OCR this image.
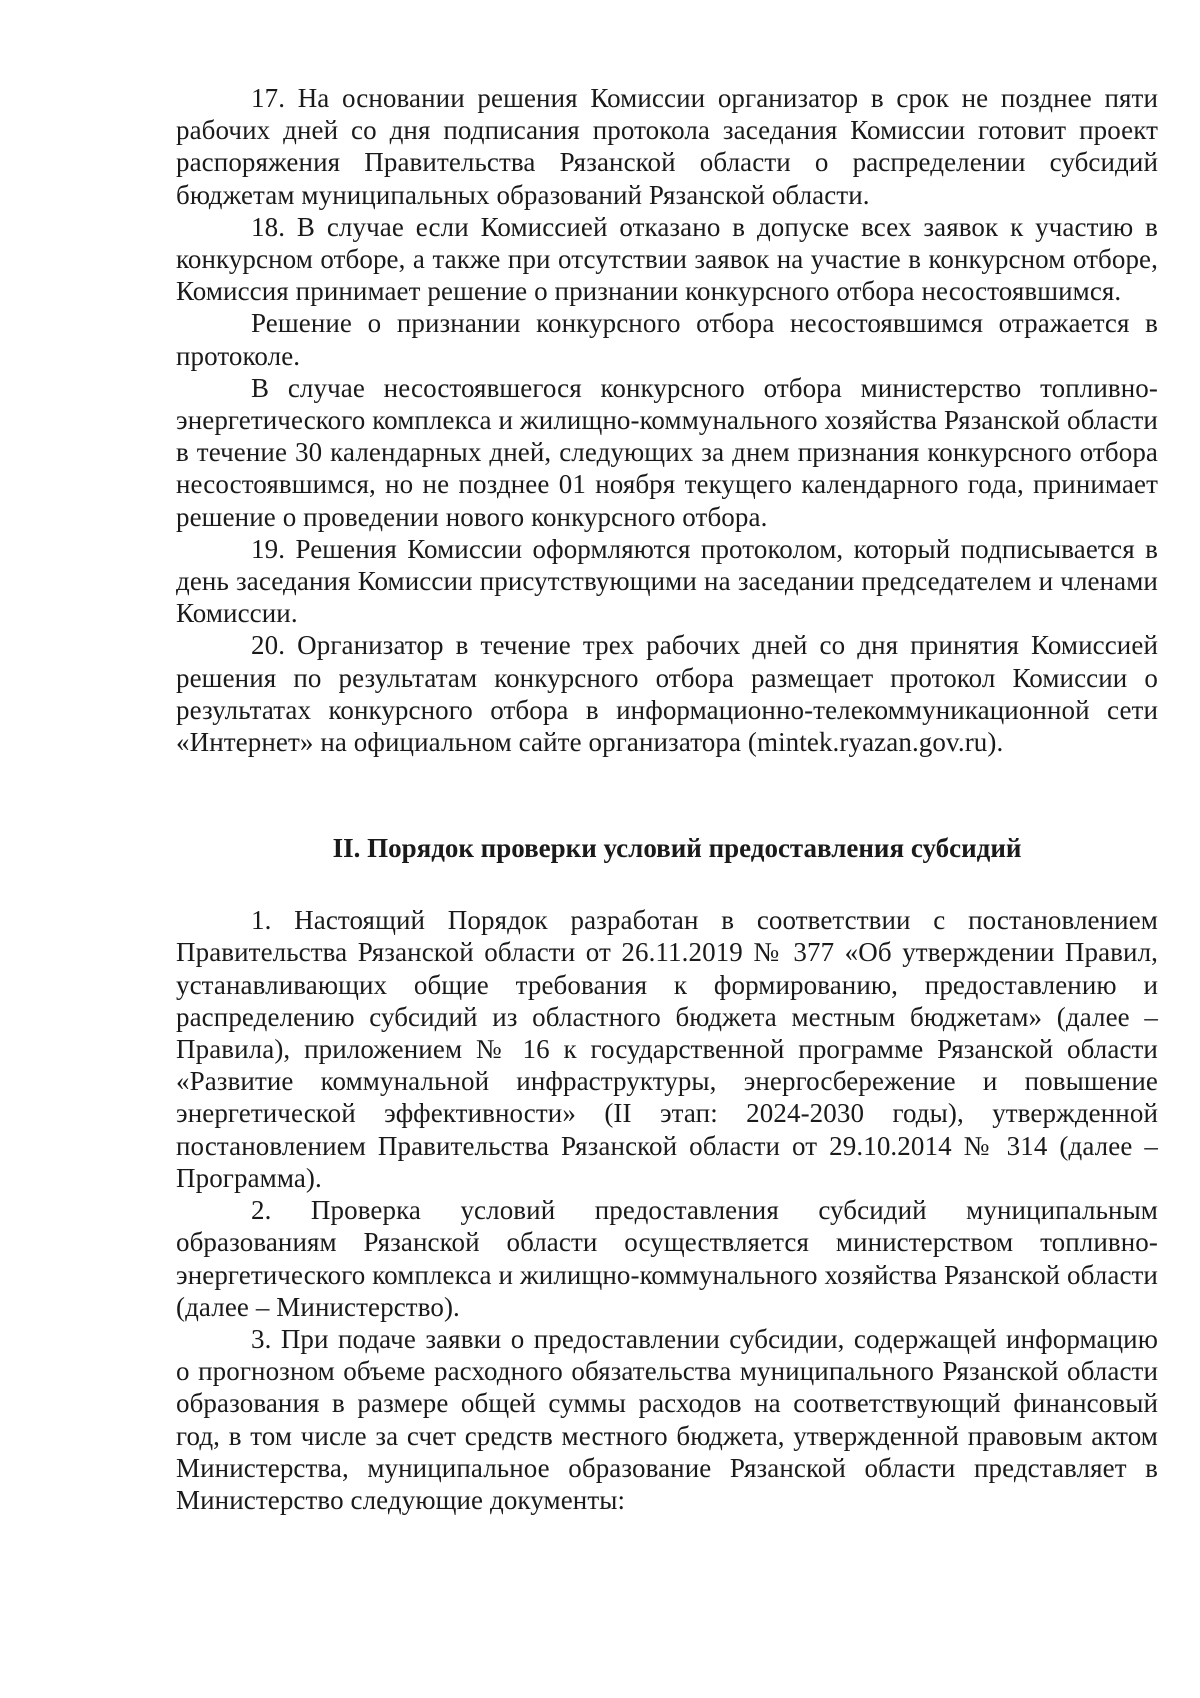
17. На основании решения Комиссии организатор в срок не позднее пяти рабочих дней со дня подписания протокола заседания Комиссии готовит проект распоряжения Правительства Рязанской области о распределении субсидий бюджетам муниципальных образований Рязанской области.

18. В случае если Комиссией отказано в допуске всех заявок к участию в конкурсном отборе, а также при отсутствии заявок на участие в конкурсном отборе, Комиссия принимает решение о признании конкурсного отбора несостоявшимся.

Решение о признании конкурсного отбора несостоявшимся отражается в протоколе.

В случае несостоявшегося конкурсного отбора министерство топливно-энергетического комплекса и жилищно-коммунального хозяйства Рязанской области в течение 30 календарных дней, следующих за днем признания конкурсного отбора несостоявшимся, но не позднее 01 ноября текущего календарного года, принимает решение о проведении нового конкурсного отбора.

19. Решения Комиссии оформляются протоколом, который подписывается в день заседания Комиссии присутствующими на заседании председателем и членами Комиссии.

20. Организатор в течение трех рабочих дней со дня принятия Комиссией решения по результатам конкурсного отбора размещает протокол Комиссии о результатах конкурсного отбора в информационно-телекоммуникационной сети «Интернет» на официальном сайте организатора (mintek.ryazan.gov.ru).

II. Порядок проверки условий предоставления субсидий

1. Настоящий Порядок разработан в соответствии с постановлением Правительства Рязанской области от 26.11.2019 № 377 «Об утверждении Правил, устанавливающих общие требования к формированию, предоставлению и распределению субсидий из областного бюджета местным бюджетам» (далее – Правила), приложением № 16 к государственной программе Рязанской области «Развитие коммунальной инфраструктуры, энергосбережение и повышение энергетической эффективности» (II этап: 2024-2030 годы), утвержденной постановлением Правительства Рязанской области от 29.10.2014 № 314 (далее – Программа).

2. Проверка условий предоставления субсидий муниципальным образованиям Рязанской области осуществляется министерством топливно-энергетического комплекса и жилищно-коммунального хозяйства Рязанской области (далее – Министерство).

3. При подаче заявки о предоставлении субсидии, содержащей информацию о прогнозном объеме расходного обязательства муниципального Рязанской области образования в размере общей суммы расходов на соответствующий финансовый год, в том числе за счет средств местного бюджета, утвержденной правовым актом Министерства, муниципальное образование Рязанской области представляет в Министерство следующие документы:
